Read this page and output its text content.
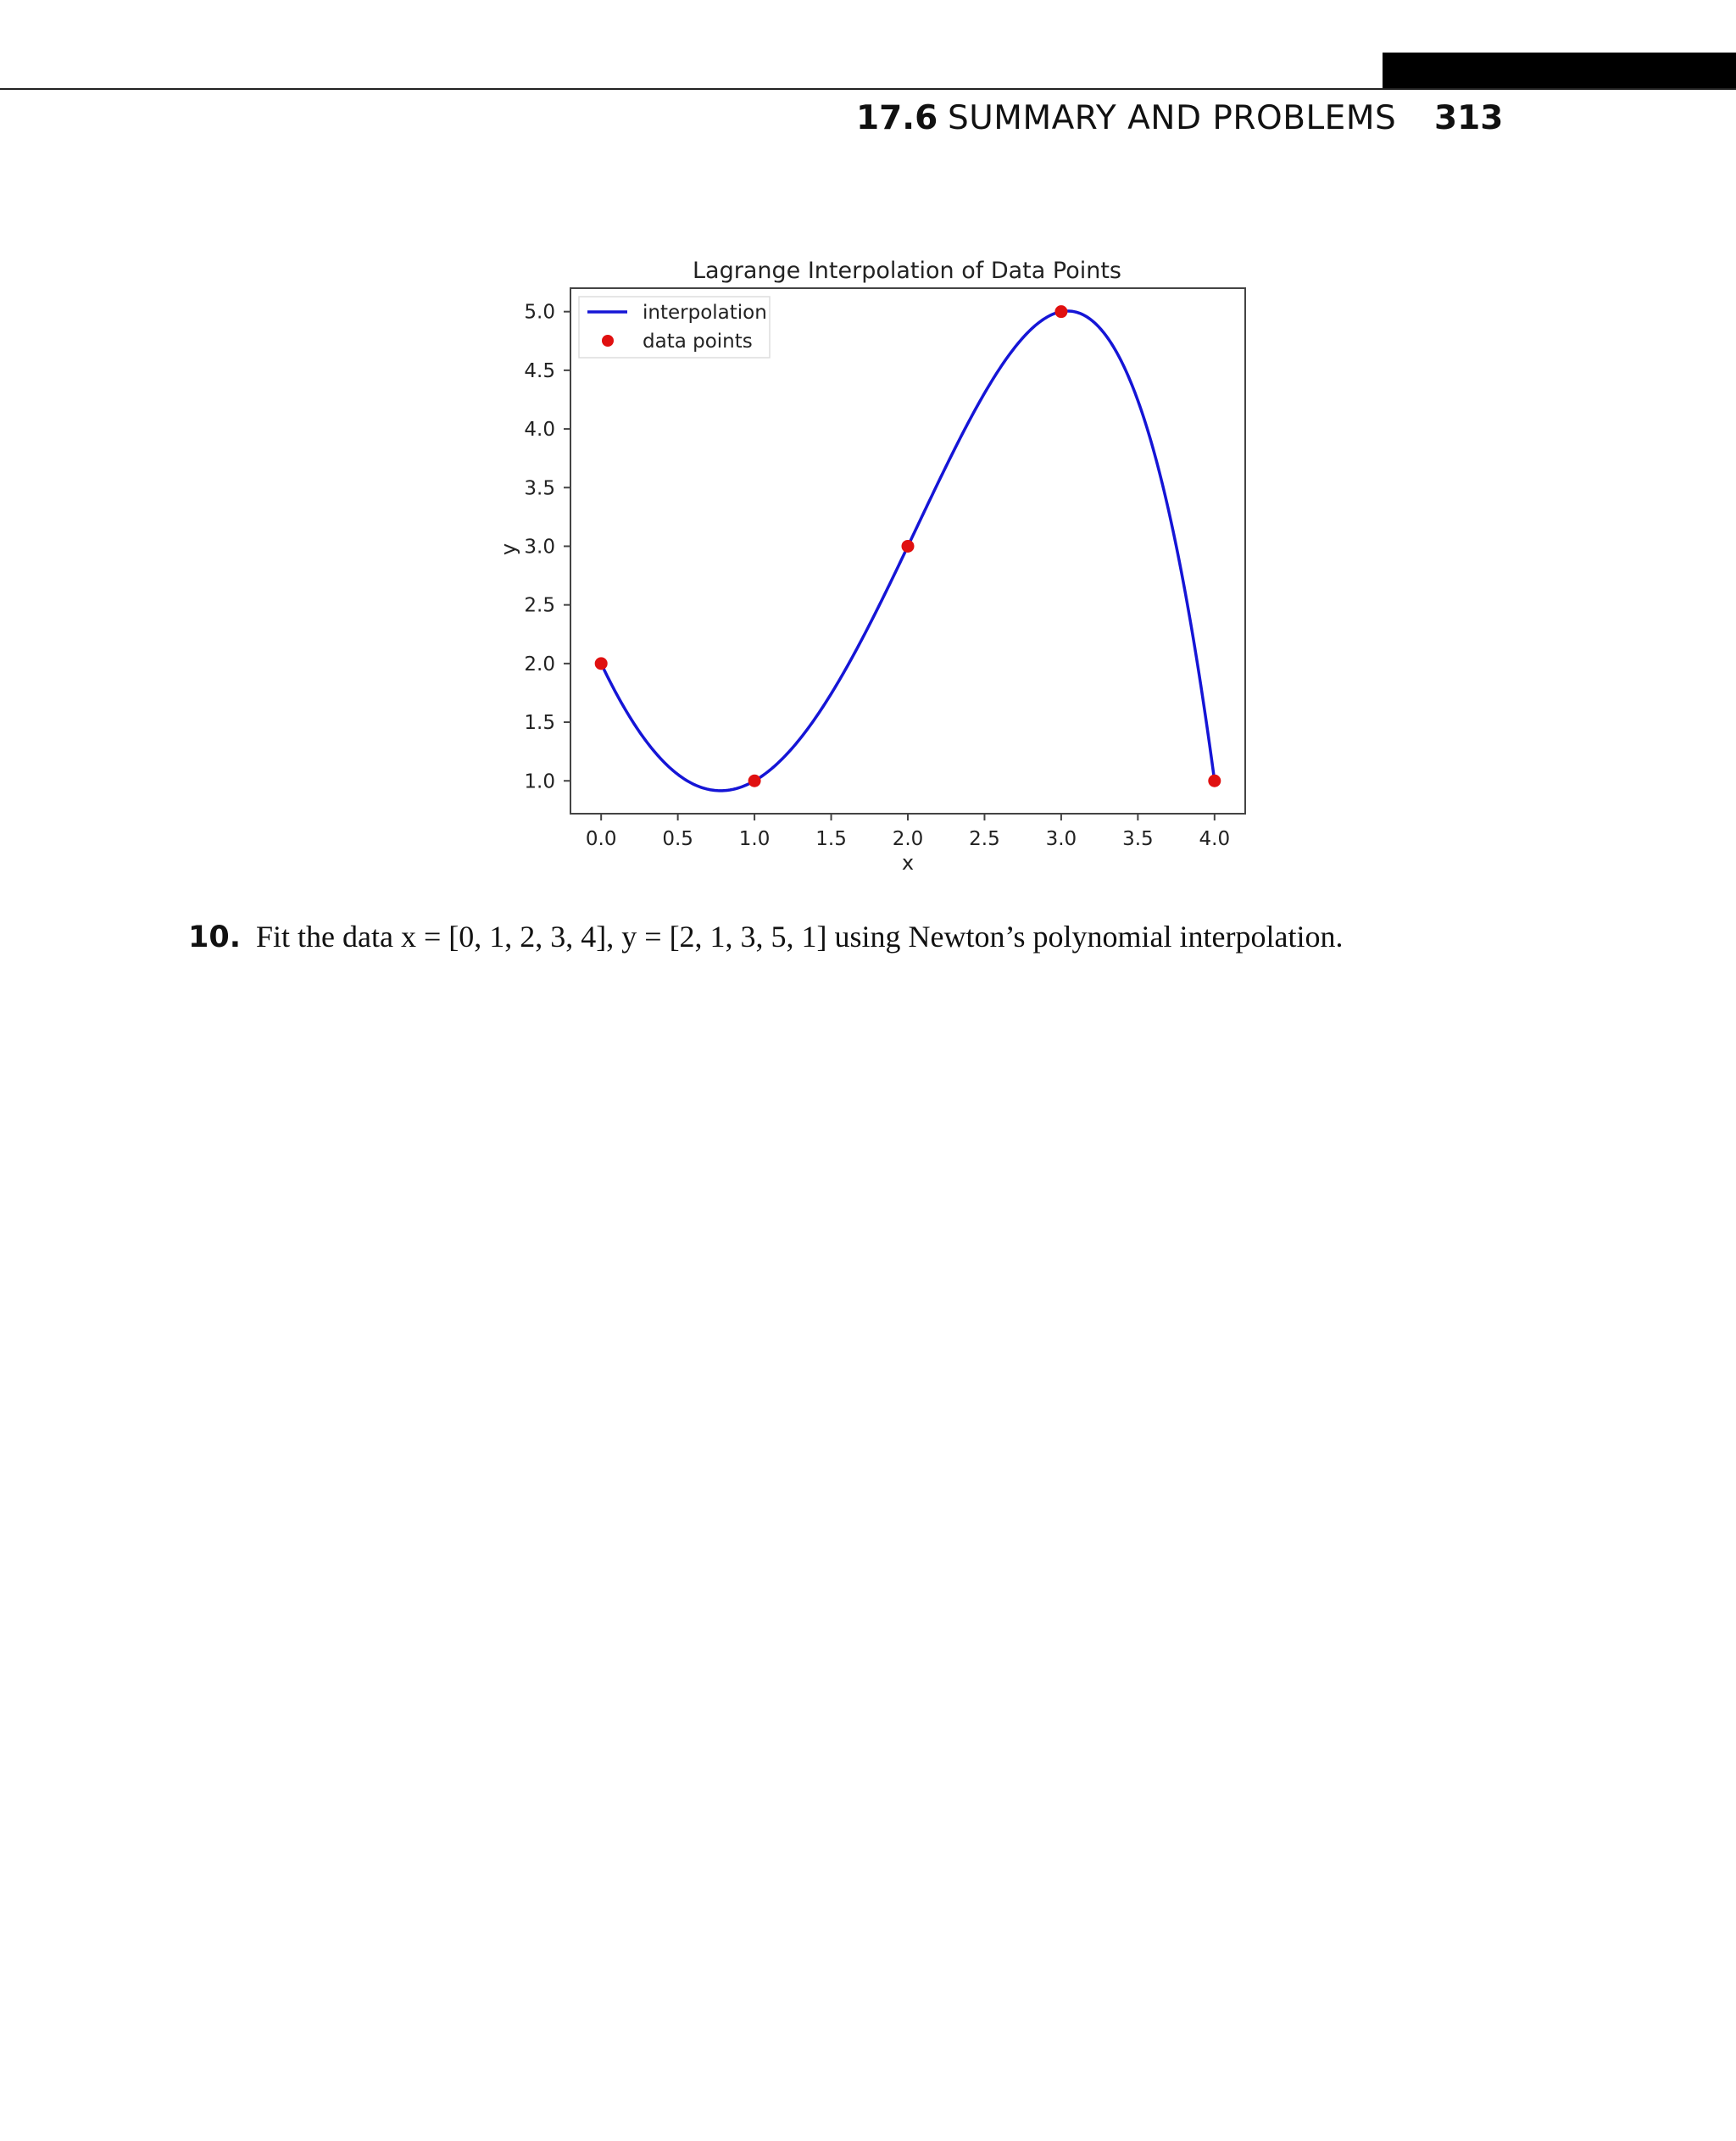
17.6 SUMMARY AND PROBLEMS 313
Lagrange Interpolation of Data Points
0.0 0.5 1.0 1.5 2.0 2.5 3.0 3.5 4.0
1.0
1.5
2.0
2.5
3.0
3.5
4.0
4.5
5.0
x
y
interpolation
data points
10. Fit the data x = [0, 1, 2, 3, 4], y = [2, 1, 3, 5, 1] using Newton’s polynomial interpolation.
